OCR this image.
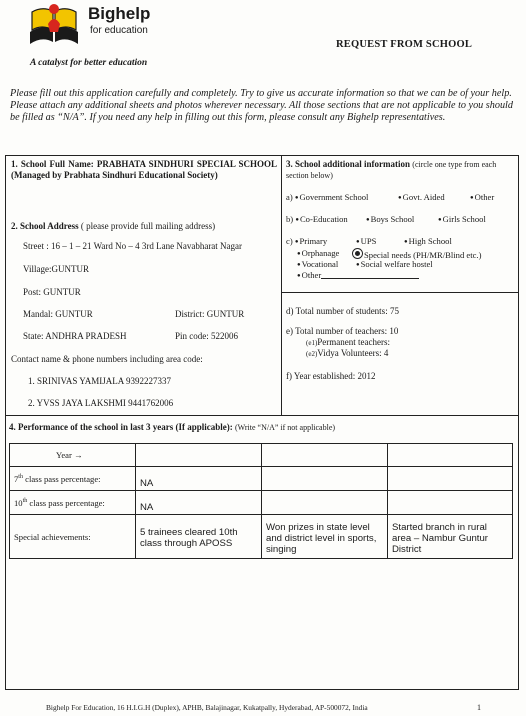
Bighelp
for education
A catalyst for better education
REQUEST FROM SCHOOL
Please fill out this application carefully and completely. Try to give us accurate information so that we can be of your help. Please attach any additional sheets and photos wherever necessary. All those sections that are not applicable to you should be filled as “N/A”. If you need any help in filling out this form, please consult any Bighelp representatives.
1. School Full Name: PRABHATA SINDHURI SPECIAL SCHOOL (Managed by Prabhata Sindhuri Educational Society)
2. School Address ( please provide full mailing address)
Street : 16 – 1 – 21 Ward No – 4 3rd Lane Navabharat Nagar
Village:GUNTUR
Post: GUNTUR
Mandal: GUNTUR	District: GUNTUR
State: ANDHRA PRADESH	Pin code: 522006
Contact name & phone numbers including area code:
1. SRINIVAS YAMIJALA 9392227337
2. YVSS JAYA LAKSHMI 9441762006
3. School additional information (circle one type from each section below)
a) ● Government School	● Govt. Aided	● Other
b) ● Co-Education	● Boys School	● Girls School
c) ● Primary	● UPS	● High School
● Orphanage	Special needs (PH/MR/Blind etc.)
● Vocational	● Social welfare hostel
● Other
d) Total number of students: 75
e) Total number of teachers: 10
(e1)Permanent teachers:
(e2)Vidya Volunteers: 4
f) Year established: 2012
4. Performance of the school in last 3 years (If applicable): (Write “N/A” if not applicable)
Year →			
7th class pass percentage:	NA		
10th class pass percentage:	NA		
Special achievements:	5 trainees cleared 10th class through APOSS	Won prizes in state level and district level in sports, singing	Started branch in rural area – Nambur Guntur District
Bighelp For Education, 16 H.I.G.H (Duplex), APHB, Balajinagar, Kukatpally, Hyderabad, AP-500072, India	1
